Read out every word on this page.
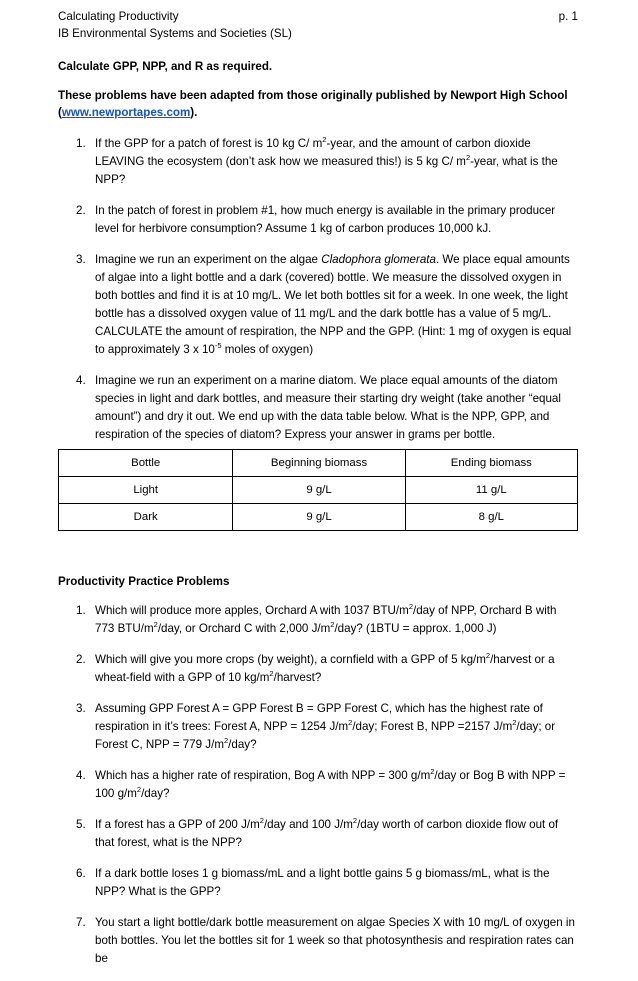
Calculating Productivity	p. 1
IB Environmental Systems and Societies (SL)
Calculate GPP, NPP, and R as required.
These problems have been adapted from those originally published by Newport High School
(www.newportapes.com).
1. If the GPP for a patch of forest is 10 kg C/ $m^2$-year, and the amount of carbon dioxide LEAVING the ecosystem (don’t ask how we measured this!) is 5 kg C/ $m^2$-year, what is the NPP?
2. In the patch of forest in problem #1, how much energy is available in the primary producer level for herbivore consumption? Assume 1 kg of carbon produces 10,000 kJ.
3. Imagine we run an experiment on the algae Cladophora glomerata. We place equal amounts of algae into a light bottle and a dark (covered) bottle. We measure the dissolved oxygen in both bottles and find it is at 10 mg/L. We let both bottles sit for a week. In one week, the light bottle has a dissolved oxygen value of 11 mg/L and the dark bottle has a value of 5 mg/L. CALCULATE the amount of respiration, the NPP and the GPP. (Hint: 1 mg of oxygen is equal to approximately 3 x $10^{-5}$ moles of oxygen)
4. Imagine we run an experiment on a marine diatom. We place equal amounts of the diatom species in light and dark bottles, and measure their starting dry weight (take another “equal amount”) and dry it out. We end up with the data table below. What is the NPP, GPP, and respiration of the species of diatom? Express your answer in grams per bottle.
Bottle	Beginning biomass	Ending biomass
Light	9 g/L	11 g/L
Dark	9 g/L	8 g/L
Productivity Practice Problems
1. Which will produce more apples, Orchard A with 1037 BTU/$m^2$/day of NPP, Orchard B with 773 BTU/$m^2$/day, or Orchard C with 2,000 $J/m^2$/day? (1BTU = approx. 1,000 J)
2. Which will give you more crops (by weight), a cornfield with a GPP of 5 $kg/m^2$/harvest or a wheat-field with a GPP of 10 $kg/m^2$/harvest?
3. Assuming GPP Forest A = GPP Forest B = GPP Forest C, which has the highest rate of respiration in it’s trees: Forest A, NPP = 1254 $J/m^2$/day; Forest B, NPP =2157 $J/m^2$/day; or Forest C, NPP = 779 $J/m^2$/day?
4. Which has a higher rate of respiration, Bog A with NPP = 300 $g/m^2$/day or Bog B with NPP = 100 $g/m^2$/day?
5. If a forest has a GPP of 200 $J/m^2$/day and 100 $J/m^2$/day worth of carbon dioxide flow out of that forest, what is the NPP?
6. If a dark bottle loses 1 g biomass/mL and a light bottle gains 5 g biomass/mL, what is the NPP? What is the GPP?
7. You start a light bottle/dark bottle measurement on algae Species X with 10 mg/L of oxygen in both bottles. You let the bottles sit for 1 week so that photosynthesis and respiration rates can be
